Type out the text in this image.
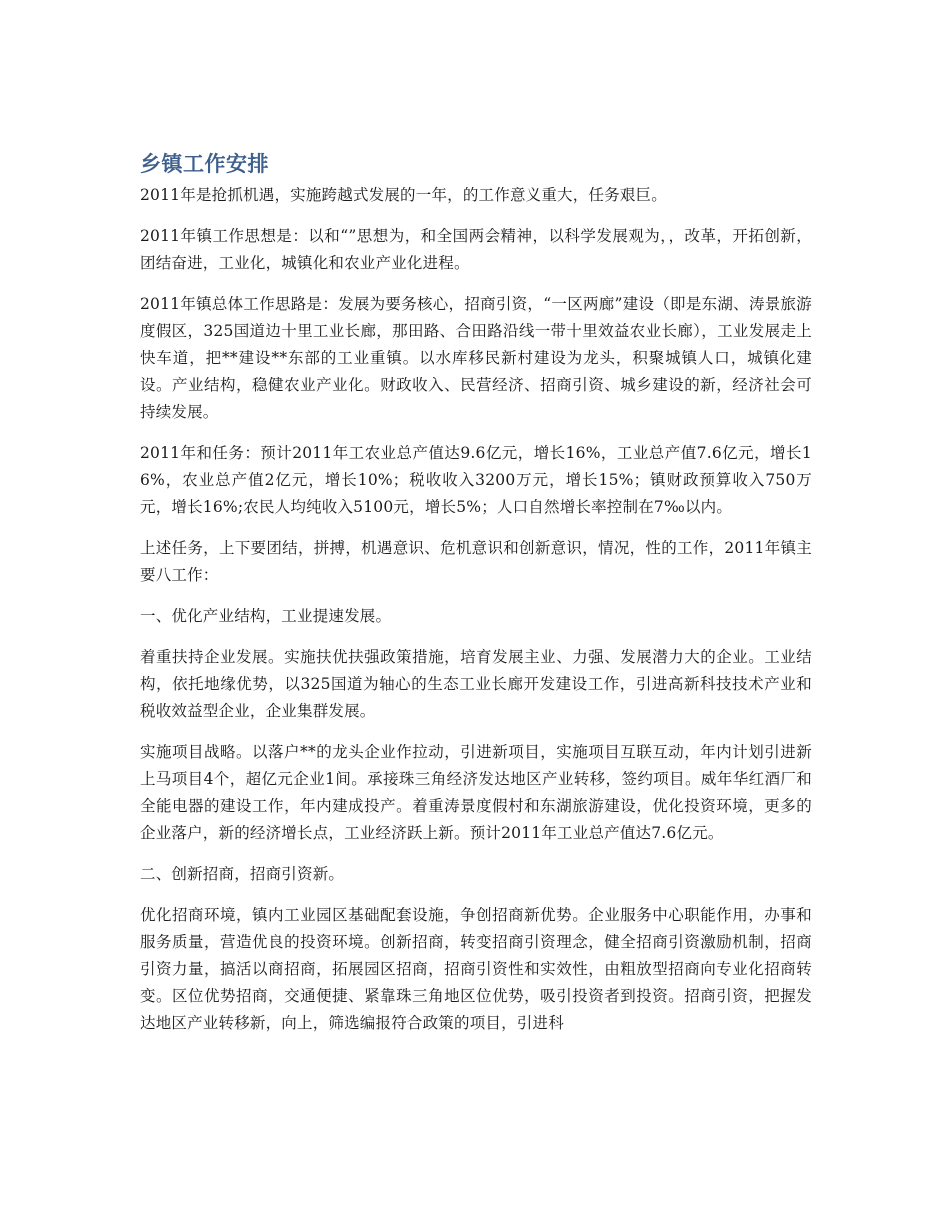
乡镇工作安排

2011年是抢抓机遇，实施跨越式发展的一年，的工作意义重大，任务艰巨。

2011年镇工作思想是：以和“”思想为，和全国两会精神，以科学发展观为，，改革，开拓创新，团结奋进，工业化，城镇化和农业产业化进程。

2011年镇总体工作思路是：发展为要务核心，招商引资，“一区两廊”建设（即是东湖、涛景旅游度假区，325国道边十里工业长廊，那田路、合田路沿线一带十里效益农业长廊），工业发展走上快车道，把**建设**东部的工业重镇。以水库移民新村建设为龙头，积聚城镇人口，城镇化建设。产业结构，稳健农业产业化。财政收入、民营经济、招商引资、城乡建设的新，经济社会可持续发展。

2011年和任务：预计2011年工农业总产值达9.6亿元，增长16%，工业总产值7.6亿元，增长16%，农业总产值2亿元，增长10%；税收收入3200万元，增长15%；镇财政预算收入750万元，增长16%;农民人均纯收入5100元，增长5%；人口自然增长率控制在7‰以内。

上述任务，上下要团结，拼搏，机遇意识、危机意识和创新意识，情况，性的工作，2011年镇主要八工作：

一、优化产业结构，工业提速发展。

着重扶持企业发展。实施扶优扶强政策措施，培育发展主业、力强、发展潜力大的企业。工业结构，依托地缘优势，以325国道为轴心的生态工业长廊开发建设工作，引进高新科技技术产业和税收效益型企业，企业集群发展。

实施项目战略。以落户**的龙头企业作拉动，引进新项目，实施项目互联互动，年内计划引进新上马项目4个，超亿元企业1间。承接珠三角经济发达地区产业转移，签约项目。威年华红酒厂和全能电器的建设工作，年内建成投产。着重涛景度假村和东湖旅游建设，优化投资环境，更多的企业落户，新的经济增长点，工业经济跃上新。预计2011年工业总产值达7.6亿元。

二、创新招商，招商引资新。

优化招商环境，镇内工业园区基础配套设施，争创招商新优势。企业服务中心职能作用，办事和服务质量，营造优良的投资环境。创新招商，转变招商引资理念，健全招商引资激励机制，招商引资力量，搞活以商招商，拓展园区招商，招商引资性和实效性，由粗放型招商向专业化招商转变。区位优势招商，交通便捷、紧靠珠三角地区位优势，吸引投资者到投资。招商引资，把握发达地区产业转移新，向上，筛选编报符合政策的项目，引进科
